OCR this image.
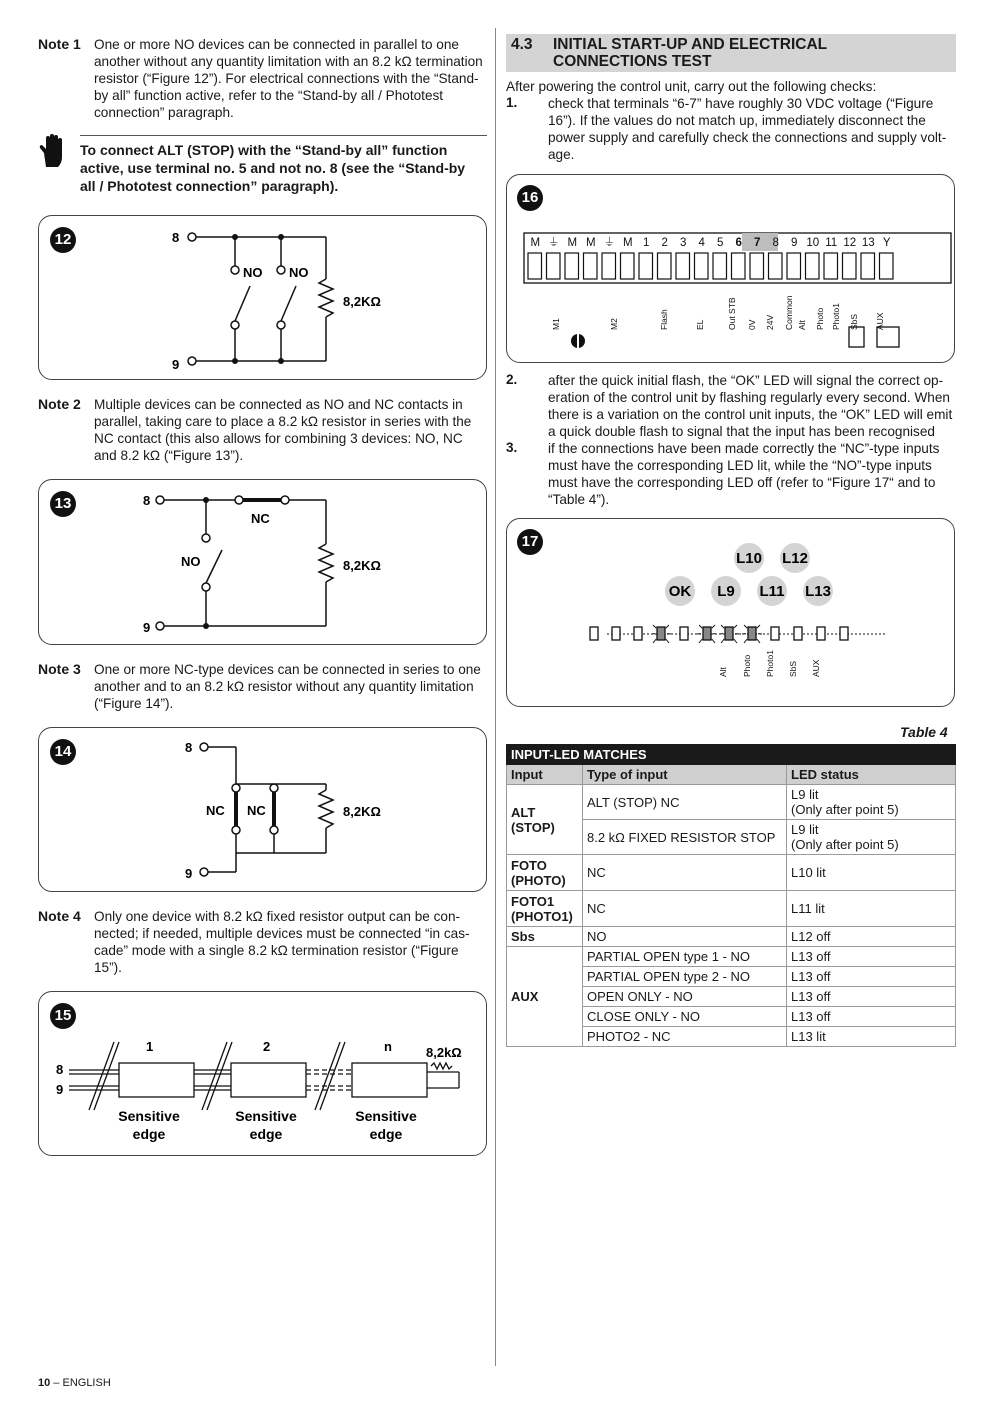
Note 1 One or more NO devices can be connected in parallel to one
another without any quantity limitation with an 8.2 kΩ termination
resistor (“Figure 12”). For electrical connections with the “Stand-
by all” function active, refer to the “Stand-by all / Phototest
connection” paragraph.
To connect ALT (STOP) with the “Stand-by all” function
active, use terminal no. 5 and not no. 8 (see the “Stand-by
all / Phototest connection” paragraph).
12	8
9
NO NO
8,2KΩ
Note 2 Multiple devices can be connected as NO and NC contacts in
parallel, taking care to place a 8.2 kΩ resistor in series with the
NC contact (this also allows for combining 3 devices: NO, NC
and 8.2 kΩ (“Figure 13”).
13	8
9
NC
NO	8,2KΩ
Note 3 One or more NC-type devices can be connected in series to one
another and to an 8.2 kΩ resistor without any quantity limitation
(“Figure 14”).
14	8
9
NC NC	8,2KΩ
Note 4 Only one device with 8.2 kΩ fixed resistor output can be con-
nected; if needed, multiple devices must be connected “in cas-
cade” mode with a single 8.2 kΩ termination resistor (“Figure
15”).
15
8
9
1	2	n	8,2kΩ
Sensitive
edge
Sensitive
edge
Sensitive
edge
4.3 INITIAL START-UP AND ELECTRICAL
CONNECTIONS TEST
After powering the control unit, carry out the following checks:
1. check that terminals “6-7” have roughly 30 VDC voltage (“Figure
16”). If the values do not match up, immediately disconnect the
power supply and carefully check the connections and supply volt-
age.
16
M ⏚ M M ⏚ M 1 2 3 4 5 6 7 8 9 10 11 12 13 Y
M1	M2	Flash	EL	Out STB 0V 24V Common Alt Photo Photo1 SbS AUX
2. after the quick initial flash, the “OK” LED will signal the correct op-
eration of the control unit by flashing regularly every second. When
there is a variation on the control unit inputs, the “OK” LED will emit
a quick double flash to signal that the input has been recognised
3. if the connections have been made correctly the “NC”-type inputs
must have the corresponding LED lit, while the “NO”-type inputs
must have the corresponding LED off (refer to “Figure 17“ and to
“Table 4”).
17
OK L9 L11 L13
L10 L12
Alt Photo Photo1 SbS AUX
Table 4
INPUT-LED MATCHES		
Input	Type of input	LED status
ALT (STOP)	ALT (STOP) NC	L9 lit
(Only after point 5)

	8.2 kΩ FIXED RESISTOR STOP	L9 lit
(Only after point 5)

FOTO (PHOTO)	NC	L10 lit
FOTO1 (PHOTO1)	NC	L11 lit
Sbs	NO	L12 off
AUX	PARTIAL OPEN type 1 - NO	L13 off
	PARTIAL OPEN type 2 - NO	L13 off
	OPEN ONLY - NO	L13 off
	CLOSE ONLY - NO	L13 off
	PHOTO2 - NC	L13 lit
10 – ENGLISH
